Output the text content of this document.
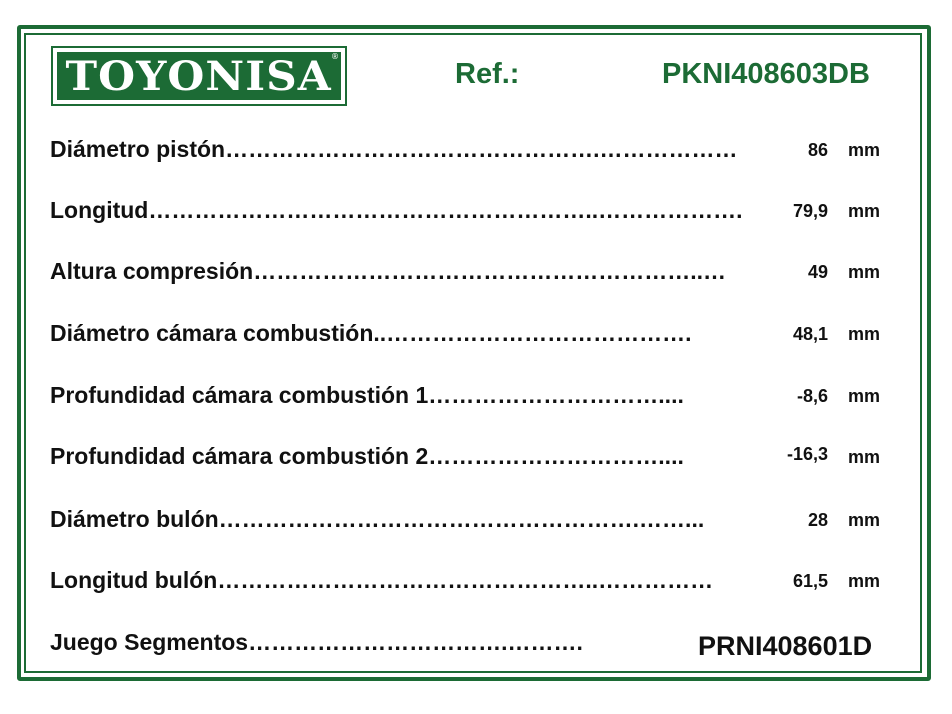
TOYONISA
®
Ref.:	PKNI408603DB
Diámetro pistón………………………………………….………………	86 mm
Longitud…………………………………………………..……………….	79,9 mm
Altura compresión…………………………………………………..…	49 mm
Diámetro cámara combustión..………………………………….	48,1 mm
Profundidad cámara combustión 1…………………………....	-8,6 mm
Profundidad cámara combustión 2…………………………....	-16,3 mm
Diámetro bulón……………………………………………….……...	28 mm
Longitud bulón…………………………………………..……………	61,5 mm
Juego Segmentos…………………………….……….	PRNI408601D
